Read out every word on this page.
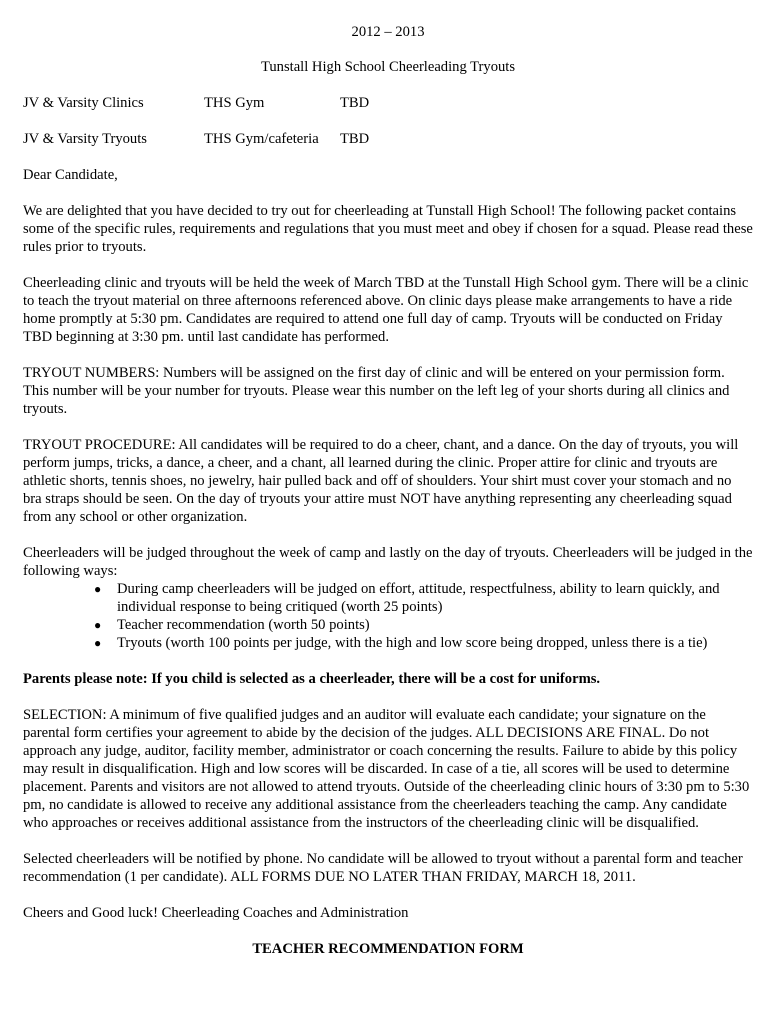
2012 – 2013
Tunstall High School Cheerleading Tryouts
JV & Varsity Clinics	THS Gym	TBD
JV & Varsity Tryouts	THS Gym/cafeteria	TBD

Dear Candidate,

We are delighted that you have decided to try out for cheerleading at Tunstall High School! The following packet contains some of the specific rules, requirements and regulations that you must meet and obey if chosen for a squad. Please read these rules prior to tryouts.

Cheerleading clinic and tryouts will be held the week of March TBD at the Tunstall High School gym. There will be a clinic to teach the tryout material on three afternoons referenced above. On clinic days please make arrangements to have a ride home promptly at 5:30 pm. Candidates are required to attend one full day of camp. Tryouts will be conducted on Friday TBD beginning at 3:30 pm. until last candidate has performed.

TRYOUT NUMBERS: Numbers will be assigned on the first day of clinic and will be entered on your permission form. This number will be your number for tryouts. Please wear this number on the left leg of your shorts during all clinics and tryouts.

TRYOUT PROCEDURE: All candidates will be required to do a cheer, chant, and a dance. On the day of tryouts, you will perform jumps, tricks, a dance, a cheer, and a chant, all learned during the clinic. Proper attire for clinic and tryouts are athletic shorts, tennis shoes, no jewelry, hair pulled back and off of shoulders. Your shirt must cover your stomach and no bra straps should be seen. On the day of tryouts your attire must NOT have anything representing any cheerleading squad from any school or other organization.

Cheerleaders will be judged throughout the week of camp and lastly on the day of tryouts. Cheerleaders will be judged in the following ways:

● During camp cheerleaders will be judged on effort, attitude, respectfulness, ability to learn quickly, and individual response to being critiqued (worth 25 points)
● Teacher recommendation (worth 50 points)
● Tryouts (worth 100 points per judge, with the high and low score being dropped, unless there is a tie)

Parents please note: If you child is selected as a cheerleader, there will be a cost for uniforms.

SELECTION: A minimum of five qualified judges and an auditor will evaluate each candidate; your signature on the parental form certifies your agreement to abide by the decision of the judges. ALL DECISIONS ARE FINAL. Do not approach any judge, auditor, facility member, administrator or coach concerning the results. Failure to abide by this policy may result in disqualification. High and low scores will be discarded. In case of a tie, all scores will be used to determine placement. Parents and visitors are not allowed to attend tryouts. Outside of the cheerleading clinic hours of 3:30 pm to 5:30 pm, no candidate is allowed to receive any additional assistance from the cheerleaders teaching the camp. Any candidate who approaches or receives additional assistance from the instructors of the cheerleading clinic will be disqualified.

Selected cheerleaders will be notified by phone. No candidate will be allowed to tryout without a parental form and teacher recommendation (1 per candidate). ALL FORMS DUE NO LATER THAN FRIDAY, MARCH 18, 2011.

Cheers and Good luck! Cheerleading Coaches and Administration

TEACHER RECOMMENDATION FORM
